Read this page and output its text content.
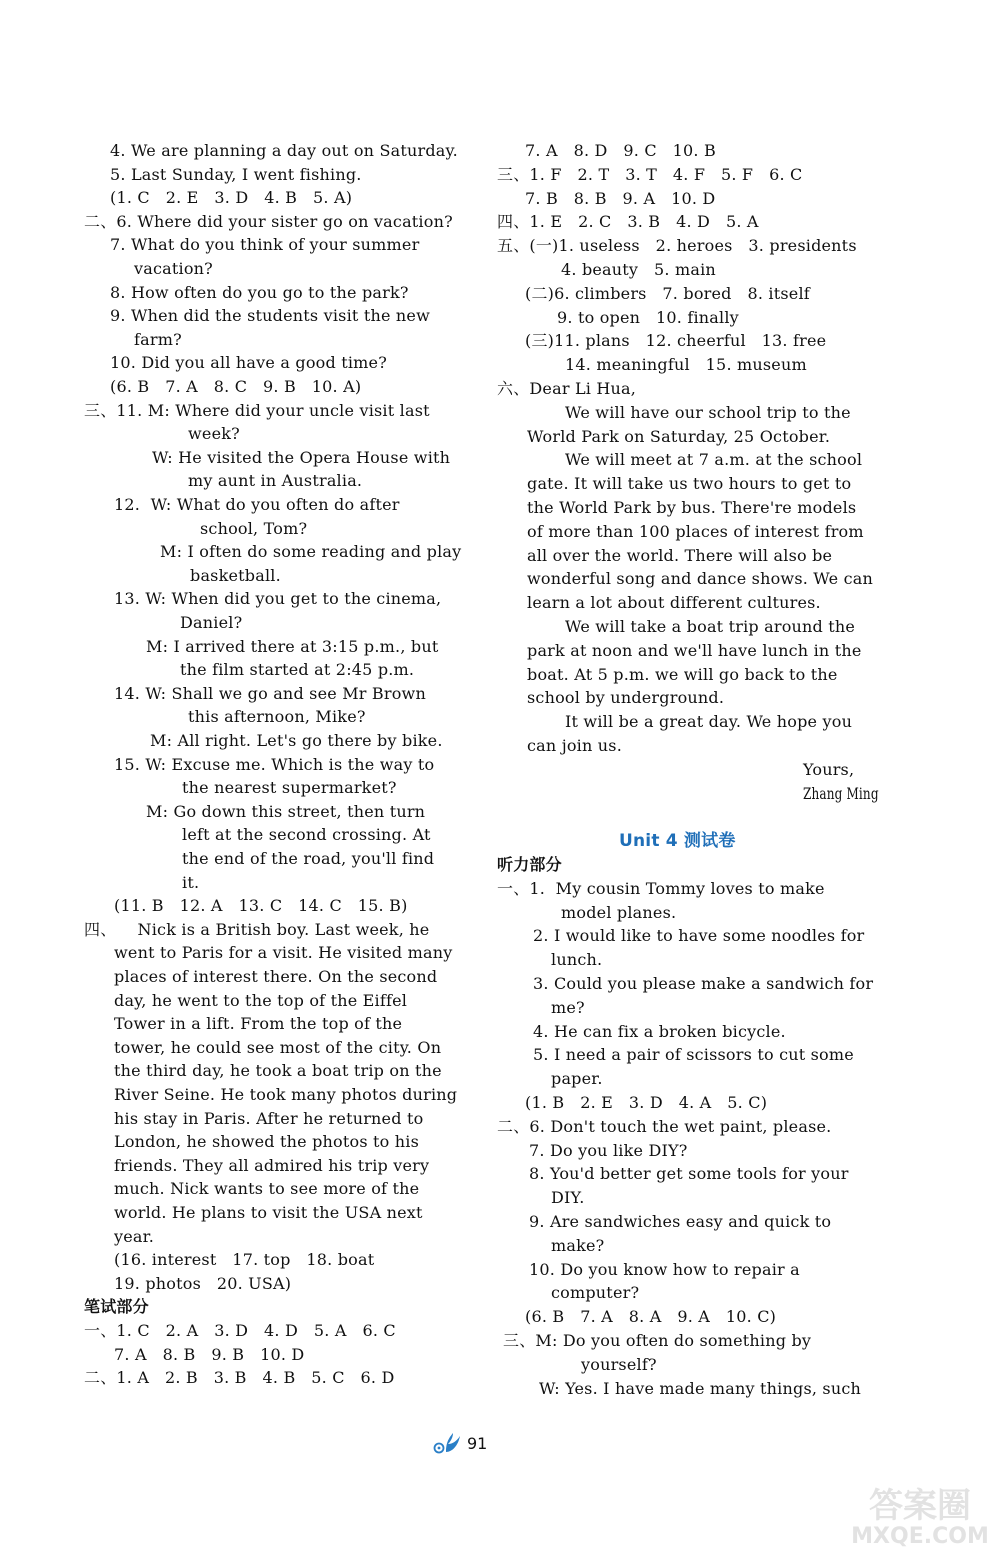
4. We are planning a day out on Saturday.
5. Last Sunday, I went fishing.
(1. C   2. E   3. D   4. B   5. A)
二、6. Where did your sister go on vacation?
7. What do you think of your summer
vacation?
8. How often do you go to the park?
9. When did the students visit the new
farm?
10. Did you all have a good time?
(6. B   7. A   8. C   9. B   10. A)
三、11. M: Where did your uncle visit last
week?
W: He visited the Opera House with
my aunt in Australia.
12.  W: What do you often do after
school, Tom?
M: I often do some reading and play
basketball.
13. W: When did you get to the cinema,
Daniel?
M: I arrived there at 3:15 p.m., but
the film started at 2:45 p.m.
14. W: Shall we go and see Mr Brown
this afternoon, Mike?
M: All right. Let's go there by bike.
15. W: Excuse me. Which is the way to
the nearest supermarket?
M: Go down this street, then turn
left at the second crossing. At
the end of the road, you'll find
it.
(11. B   12. A   13. C   14. C   15. B)
四、    Nick is a British boy. Last week, he
went to Paris for a visit. He visited many
places of interest there. On the second
day, he went to the top of the Eiffel
Tower in a lift. From the top of the
tower, he could see most of the city. On
the third day, he took a boat trip on the
River Seine. He took many photos during
his stay in Paris. After he returned to
London, he showed the photos to his
friends. They all admired his trip very
much. Nick wants to see more of the
world. He plans to visit the USA next
year.
(16. interest   17. top   18. boat
19. photos   20. USA)
笔试部分
一、1. C   2. A   3. D   4. D   5. A   6. C
7. A   8. B   9. B   10. D
二、1. A   2. B   3. B   4. B   5. C   6. D
7. A   8. D   9. C   10. B
三、1. F   2. T   3. T   4. F   5. F   6. C
7. B   8. B   9. A   10. D
四、1. E   2. C   3. B   4. D   5. A
五、(一)1. useless   2. heroes   3. presidents
4. beauty   5. main
(二)6. climbers   7. bored   8. itself
9. to open   10. finally
(三)11. plans   12. cheerful   13. free
14. meaningful   15. museum
六、Dear Li Hua,
We will have our school trip to the
World Park on Saturday, 25 October.
We will meet at 7 a.m. at the school
gate. It will take us two hours to get to
the World Park by bus. There're models
of more than 100 places of interest from
all over the world. There will also be
wonderful song and dance shows. We can
learn a lot about different cultures.
We will take a boat trip around the
park at noon and we'll have lunch in the
boat. At 5 p.m. we will go back to the
school by underground.
It will be a great day. We hope you
can join us.
Yours,
Zhang Ming
Unit 4 测试卷
听力部分
一、1.  My cousin Tommy loves to make
model planes.
2. I would like to have some noodles for
lunch.
3. Could you please make a sandwich for
me?
4. He can fix a broken bicycle.
5. I need a pair of scissors to cut some
paper.
(1. B   2. E   3. D   4. A   5. C)
二、6. Don't touch the wet paint, please.
7. Do you like DIY?
8. You'd better get some tools for your
DIY.
9. Are sandwiches easy and quick to
make?
10. Do you know how to repair a
computer?
(6. B   7. A   8. A   9. A   10. C)
三、M: Do you often do something by
yourself?
W: Yes. I have made many things, such
91
答案圈
MXQE.COM
